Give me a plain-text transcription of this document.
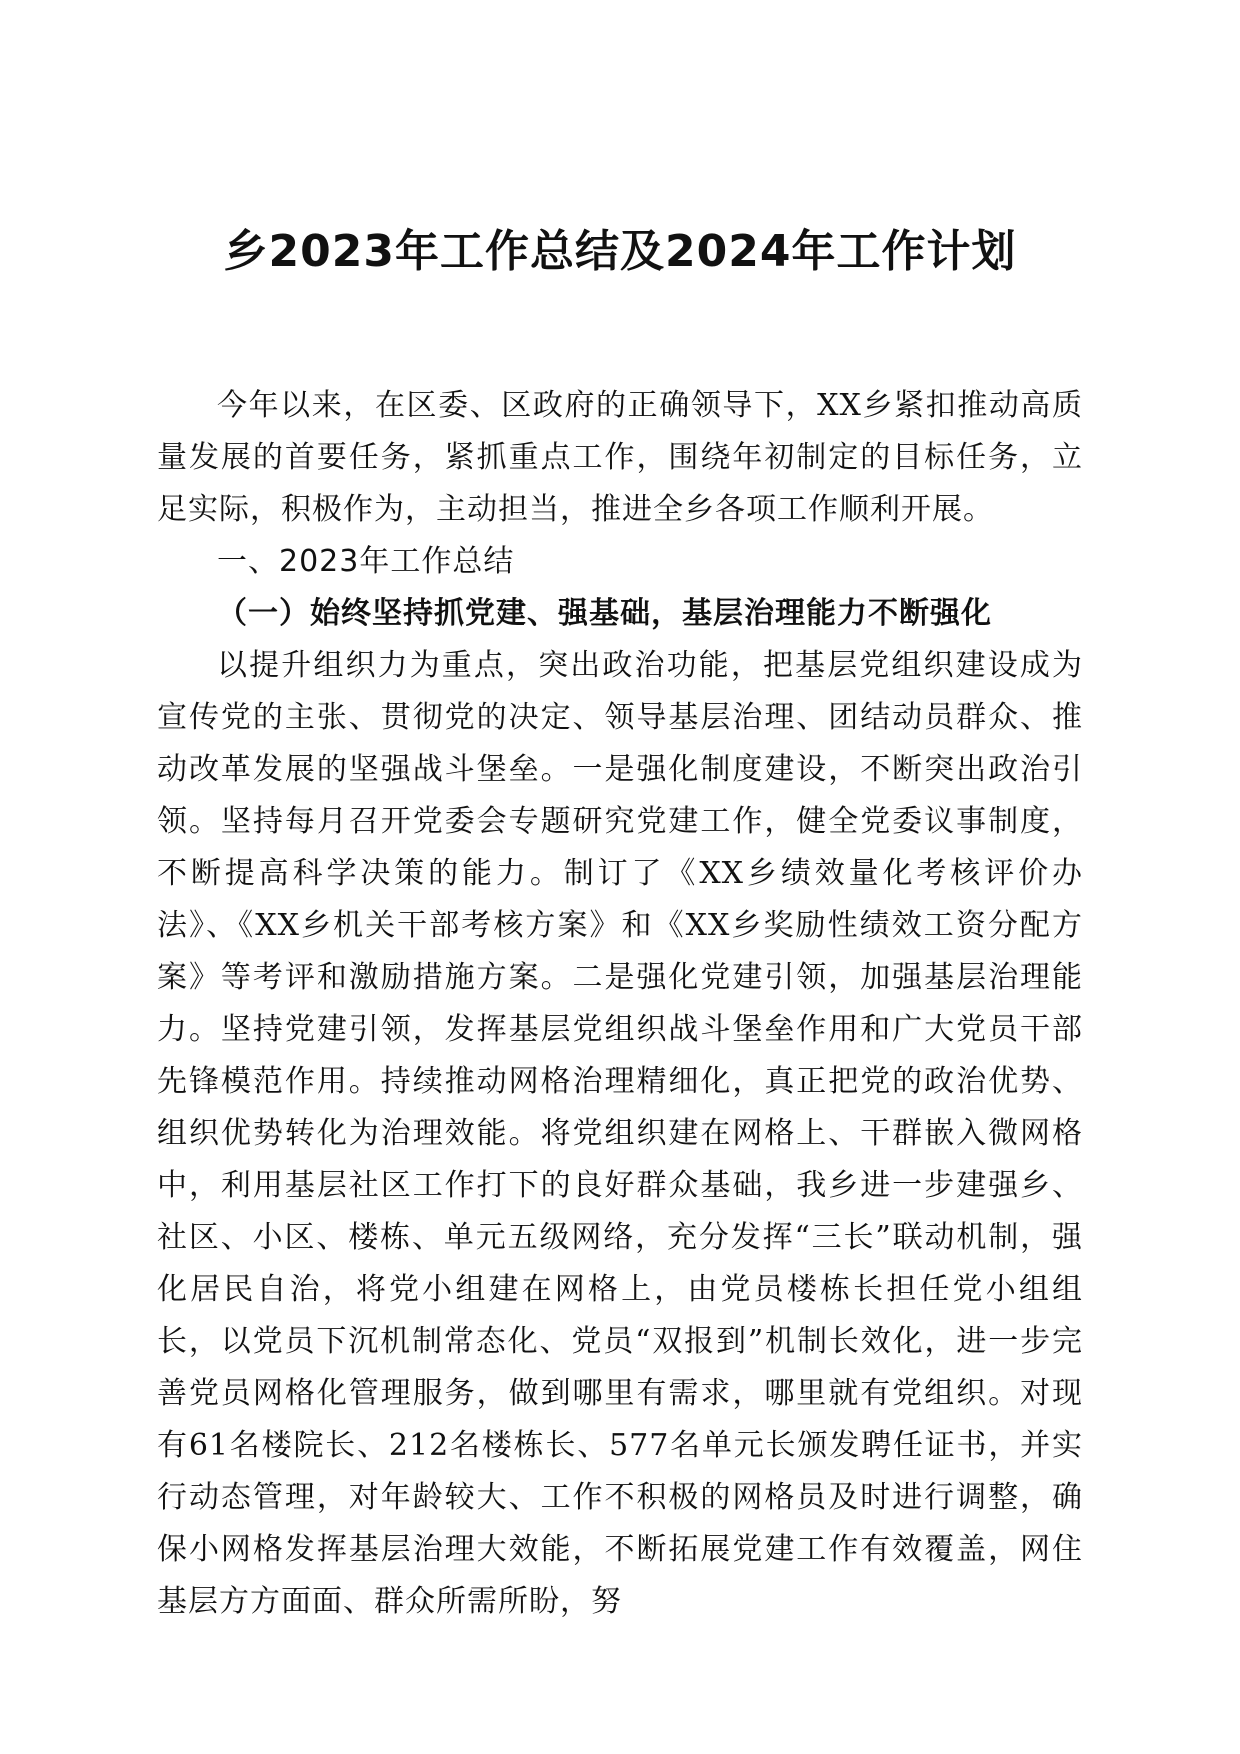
乡2023年工作总结及2024年工作计划

今年以来，在区委、区政府的正确领导下，XX乡紧扣推动高质量发展的首要任务，紧抓重点工作，围绕年初制定的目标任务，立足实际，积极作为，主动担当，推进全乡各项工作顺利开展。

一、2023年工作总结

（一）始终坚持抓党建、强基础，基层治理能力不断强化

以提升组织力为重点，突出政治功能，把基层党组织建设成为宣传党的主张、贯彻党的决定、领导基层治理、团结动员群众、推动改革发展的坚强战斗堡垒。一是强化制度建设，不断突出政治引领。坚持每月召开党委会专题研究党建工作，健全党委议事制度，不断提高科学决策的能力。制订了《XX乡绩效量化考核评价办法》、《XX乡机关干部考核方案》和《XX乡奖励性绩效工资分配方案》等考评和激励措施方案。二是强化党建引领，加强基层治理能力。坚持党建引领，发挥基层党组织战斗堡垒作用和广大党员干部先锋模范作用。持续推动网格治理精细化，真正把党的政治优势、组织优势转化为治理效能。将党组织建在网格上、干群嵌入微网格中，利用基层社区工作打下的良好群众基础，我乡进一步建强乡、社区、小区、楼栋、单元五级网络，充分发挥“三长”联动机制，强化居民自治，将党小组建在网格上，由党员楼栋长担任党小组组长，以党员下沉机制常态化、党员“双报到”机制长效化，进一步完善党员网格化管理服务，做到哪里有需求，哪里就有党组织。对现有61名楼院长、212名楼栋长、577名单元长颁发聘任证书，并实行动态管理，对年龄较大、工作不积极的网格员及时进行调整，确保小网格发挥基层治理大效能，不断拓展党建工作有效覆盖，网住基层方方面面、群众所需所盼，努
